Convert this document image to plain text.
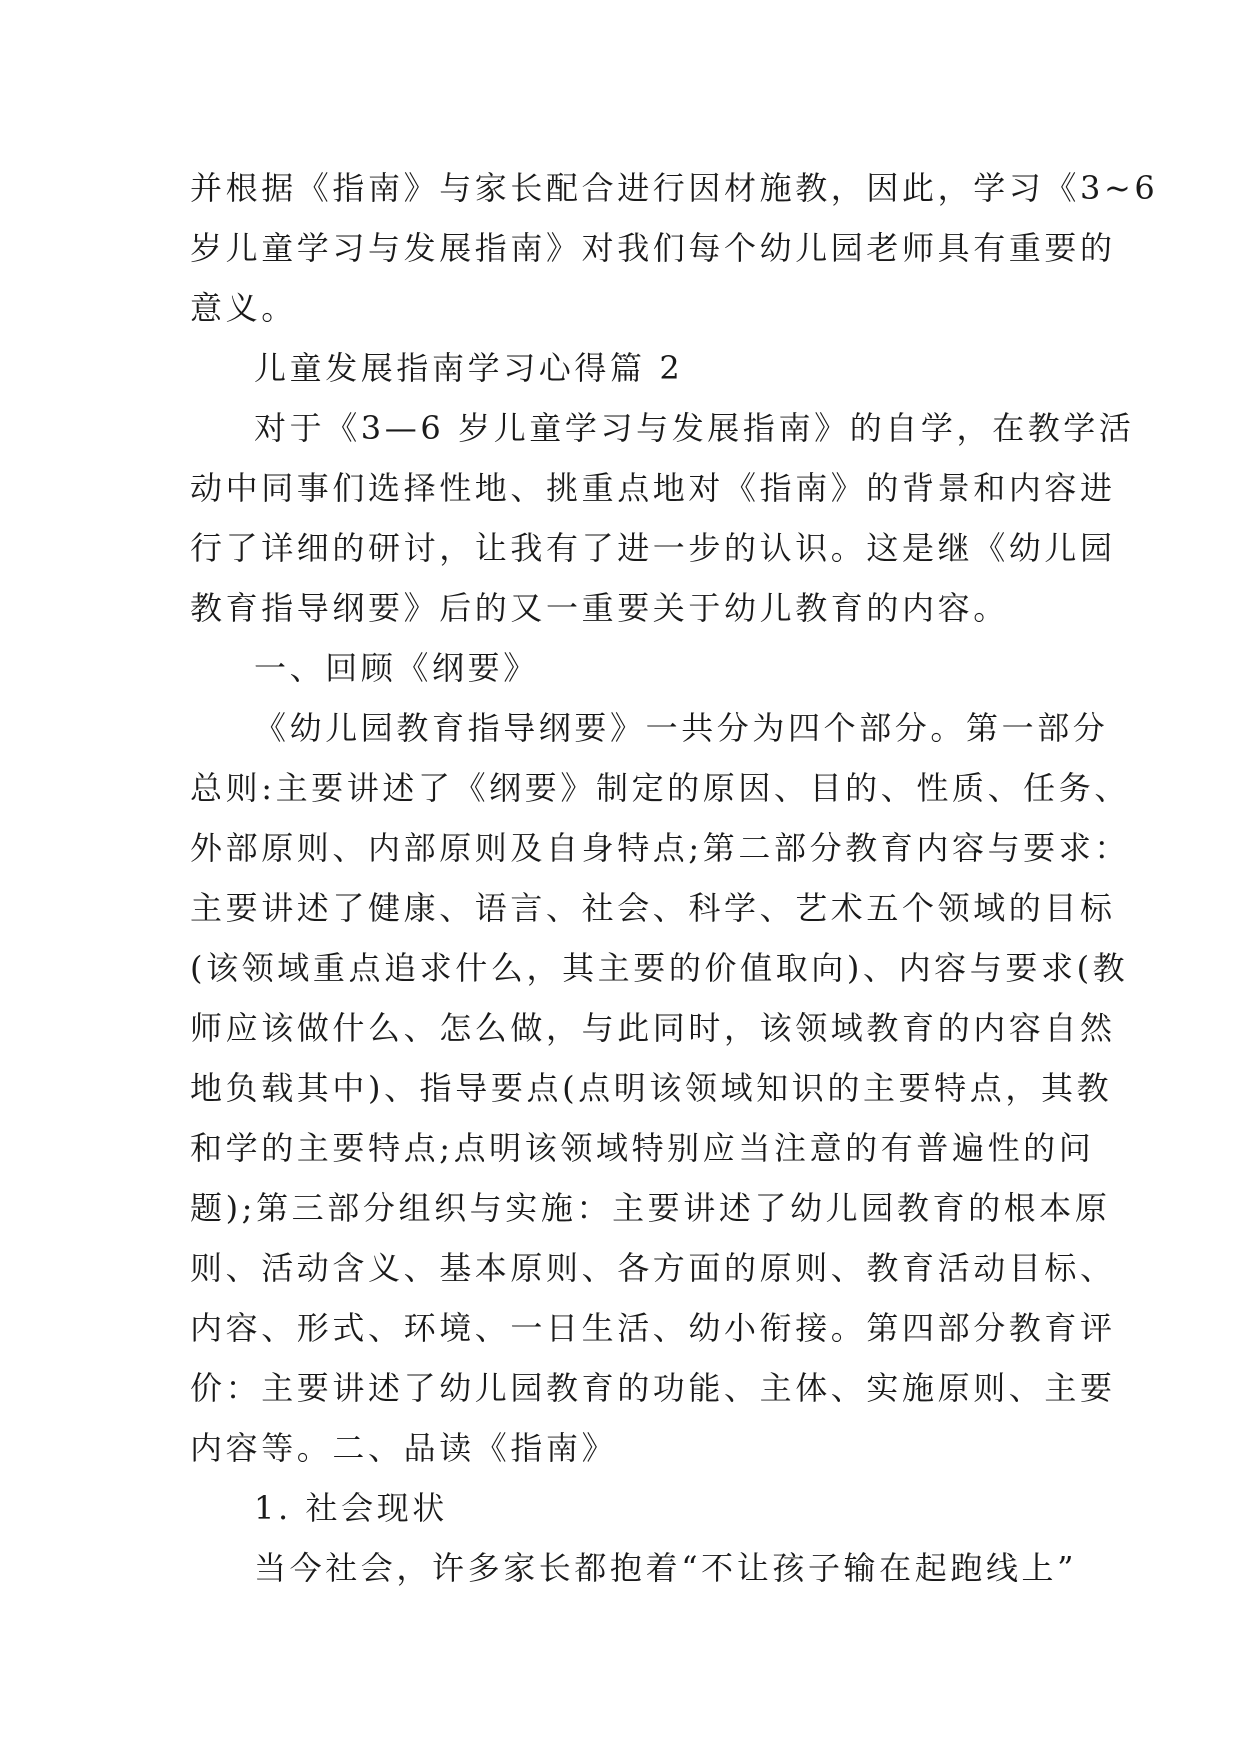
并根据《指南》与家长配合进行因材施教，因此，学习《3~6
岁儿童学习与发展指南》对我们每个幼儿园老师具有重要的
意义。
儿童发展指南学习心得篇 2
对于《3—6 岁儿童学习与发展指南》的自学，在教学活
动中同事们选择性地、挑重点地对《指南》的背景和内容进
行了详细的研讨，让我有了进一步的认识。这是继《幼儿园
教育指导纲要》后的又一重要关于幼儿教育的内容。
一、回顾《纲要》
《幼儿园教育指导纲要》一共分为四个部分。第一部分
总则:主要讲述了《纲要》制定的原因、目的、性质、任务、
外部原则、内部原则及自身特点;第二部分教育内容与要求：
主要讲述了健康、语言、社会、科学、艺术五个领域的目标
(该领域重点追求什么，其主要的价值取向)、内容与要求(教
师应该做什么、怎么做，与此同时，该领域教育的内容自然
地负载其中)、指导要点(点明该领域知识的主要特点，其教
和学的主要特点;点明该领域特别应当注意的有普遍性的问
题);第三部分组织与实施：主要讲述了幼儿园教育的根本原
则、活动含义、基本原则、各方面的原则、教育活动目标、
内容、形式、环境、一日生活、幼小衔接。第四部分教育评
价：主要讲述了幼儿园教育的功能、主体、实施原则、主要
内容等。二、品读《指南》
1. 社会现状
当今社会，许多家长都抱着“不让孩子输在起跑线上”
